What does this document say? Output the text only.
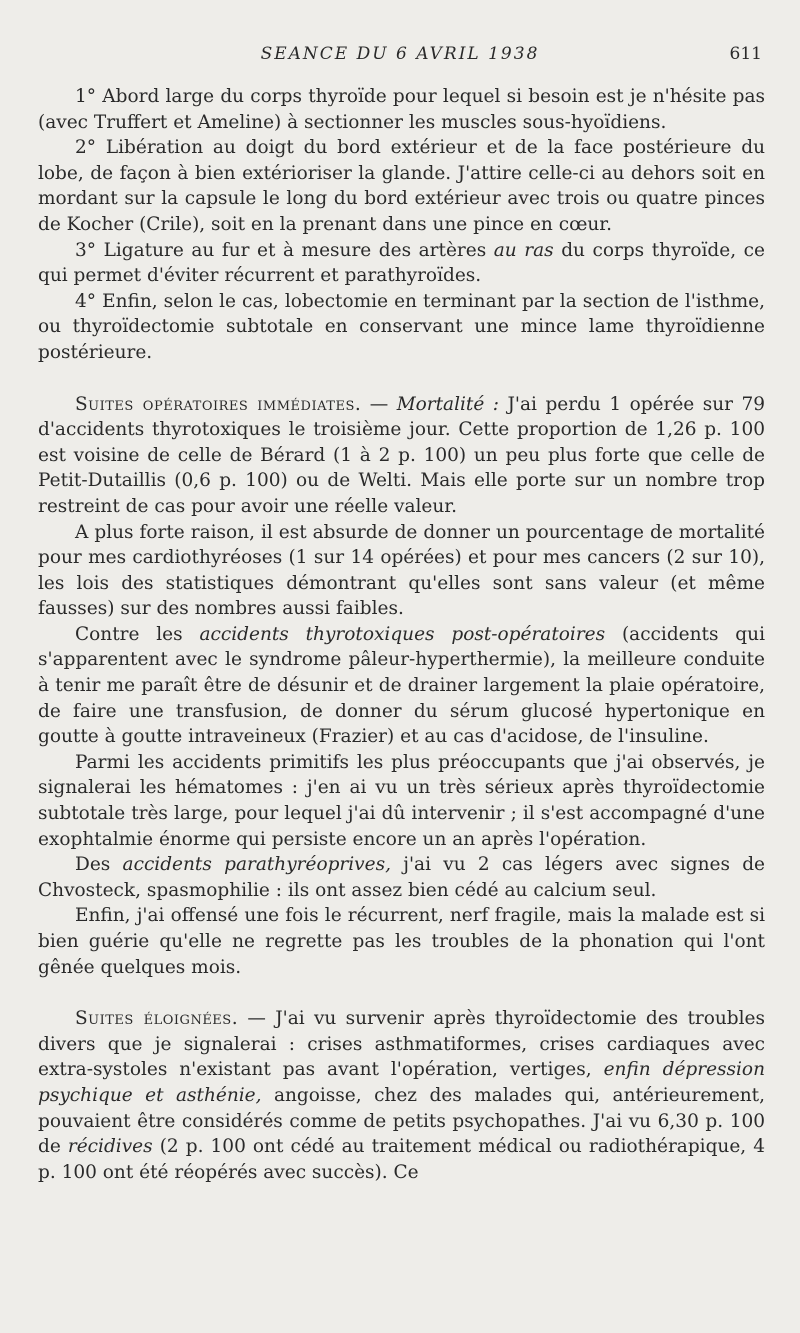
SEANCE DU 6 AVRIL 1938	611

1° Abord large du corps thyroïde pour lequel si besoin est je n'hésite pas (avec Truffert et Ameline) à sectionner les muscles sous-hyoïdiens.

2° Libération au doigt du bord extérieur et de la face postérieure du lobe, de façon à bien extérioriser la glande. J'attire celle-ci au dehors soit en mordant sur la capsule le long du bord extérieur avec trois ou quatre pinces de Kocher (Crile), soit en la prenant dans une pince en cœur.

3° Ligature au fur et à mesure des artères au ras du corps thyroïde, ce qui permet d'éviter récurrent et parathyroïdes.

4° Enfin, selon le cas, lobectomie en terminant par la section de l'isthme, ou thyroïdectomie subtotale en conservant une mince lame thyroïdienne postérieure.

Suites opératoires immédiates. — Mortalité : J'ai perdu 1 opérée sur 79 d'accidents thyrotoxiques le troisième jour. Cette proportion de 1,26 p. 100 est voisine de celle de Bérard (1 à 2 p. 100) un peu plus forte que celle de Petit-Dutaillis (0,6 p. 100) ou de Welti. Mais elle porte sur un nombre trop restreint de cas pour avoir une réelle valeur.

A plus forte raison, il est absurde de donner un pourcentage de mortalité pour mes cardiothyréoses (1 sur 14 opérées) et pour mes cancers (2 sur 10), les lois des statistiques démontrant qu'elles sont sans valeur (et même fausses) sur des nombres aussi faibles.

Contre les accidents thyrotoxiques post-opératoires (accidents qui s'apparentent avec le syndrome pâleur-hyperthermie), la meilleure conduite à tenir me paraît être de désunir et de drainer largement la plaie opératoire, de faire une transfusion, de donner du sérum glucosé hypertonique en goutte à goutte intraveineux (Frazier) et au cas d'acidose, de l'insuline.

Parmi les accidents primitifs les plus préoccupants que j'ai observés, je signalerai les hématomes : j'en ai vu un très sérieux après thyroïdectomie subtotale très large, pour lequel j'ai dû intervenir ; il s'est accompagné d'une exophtalmie énorme qui persiste encore un an après l'opération.

Des accidents parathyréoprives, j'ai vu 2 cas légers avec signes de Chvosteck, spasmophilie : ils ont assez bien cédé au calcium seul.

Enfin, j'ai offensé une fois le récurrent, nerf fragile, mais la malade est si bien guérie qu'elle ne regrette pas les troubles de la phonation qui l'ont gênée quelques mois.

Suites éloignées. — J'ai vu survenir après thyroïdectomie des troubles divers que je signalerai : crises asthmatiformes, crises cardiaques avec extra-systoles n'existant pas avant l'opération, vertiges, enfin dépression psychique et asthénie, angoisse, chez des malades qui, antérieurement, pouvaient être considérés comme de petits psychopathes. J'ai vu 6,30 p. 100 de récidives (2 p. 100 ont cédé au traitement médical ou radiothérapique, 4 p. 100 ont été réopérés avec succès). Ce
